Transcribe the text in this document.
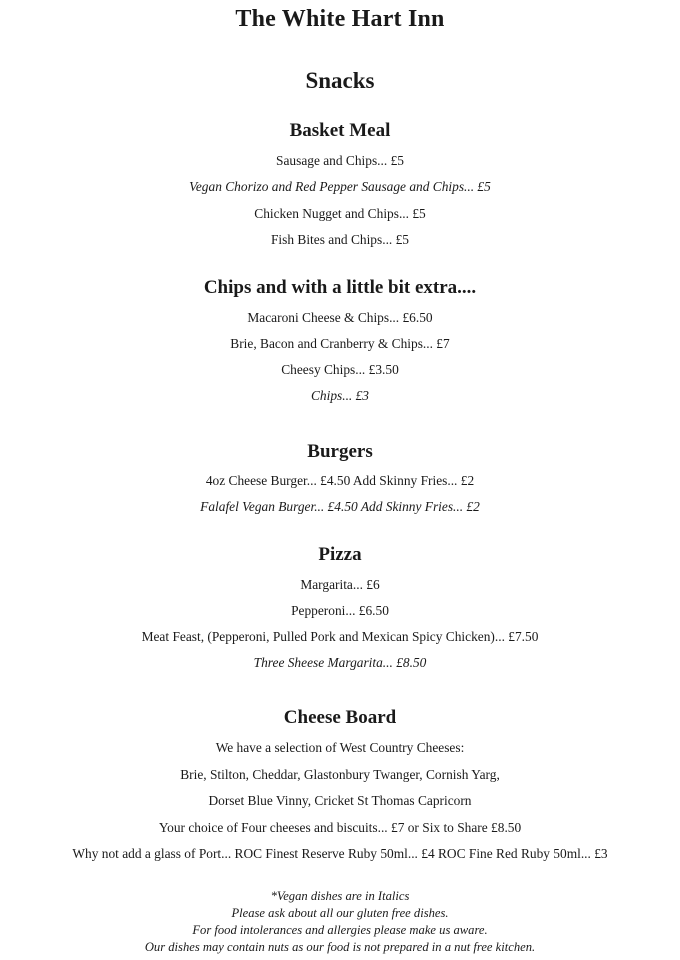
The White Hart Inn
Snacks
Basket Meal
Sausage and Chips... £5
Vegan Chorizo and Red Pepper Sausage and Chips... £5
Chicken Nugget and Chips... £5
Fish Bites and Chips... £5
Chips and with a little bit extra....
Macaroni Cheese & Chips... £6.50
Brie, Bacon and Cranberry & Chips... £7
Cheesy Chips... £3.50
Chips... £3
Burgers
4oz Cheese Burger... £4.50 Add Skinny Fries... £2
Falafel Vegan Burger... £4.50 Add Skinny Fries... £2
Pizza
Margarita... £6
Pepperoni... £6.50
Meat Feast, (Pepperoni, Pulled Pork and Mexican Spicy Chicken)... £7.50
Three Sheese Margarita... £8.50
Cheese Board
We have a selection of West Country Cheeses:
Brie, Stilton, Cheddar, Glastonbury Twanger, Cornish Yarg,
Dorset Blue Vinny, Cricket St Thomas Capricorn
Your choice of Four cheeses and biscuits... £7 or Six to Share £8.50
Why not add a glass of Port... ROC Finest Reserve Ruby 50ml... £4 ROC Fine Red Ruby 50ml... £3
*Vegan dishes are in Italics
Please ask about all our gluten free dishes.
For food intolerances and allergies please make us aware.
Our dishes may contain nuts as our food is not prepared in a nut free kitchen.
